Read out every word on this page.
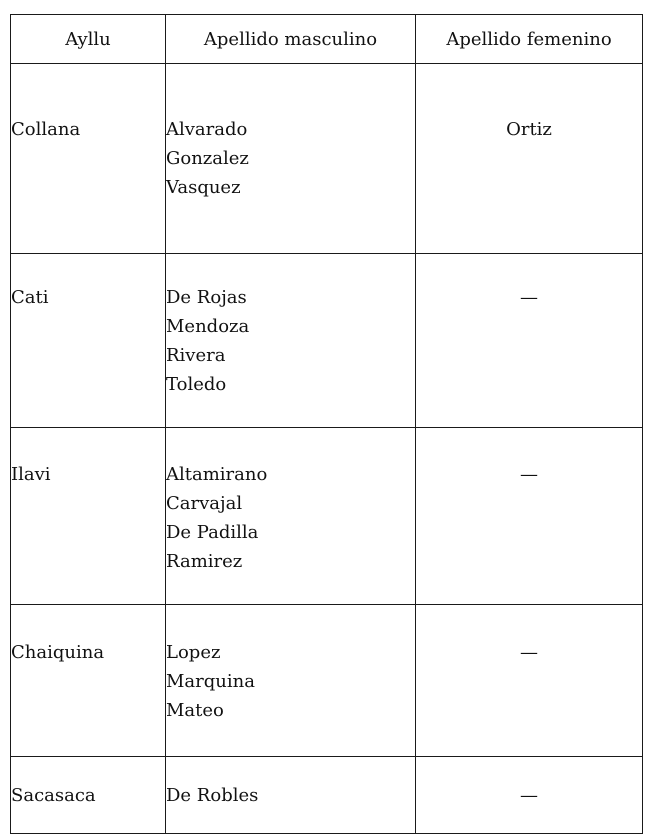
Ayllu	Apellido masculino	Apellido femenino
Collana	Alvarado
Gonzalez
Vasquez	Ortiz

Cati	De Rojas
Mendoza
Rivera
Toledo	—

Ilavi	Altamirano
Carvajal
De Padilla
Ramirez	—

Chaiquina	Lopez
Marquina
Mateo	—

Sacasaca	De Robles	—
